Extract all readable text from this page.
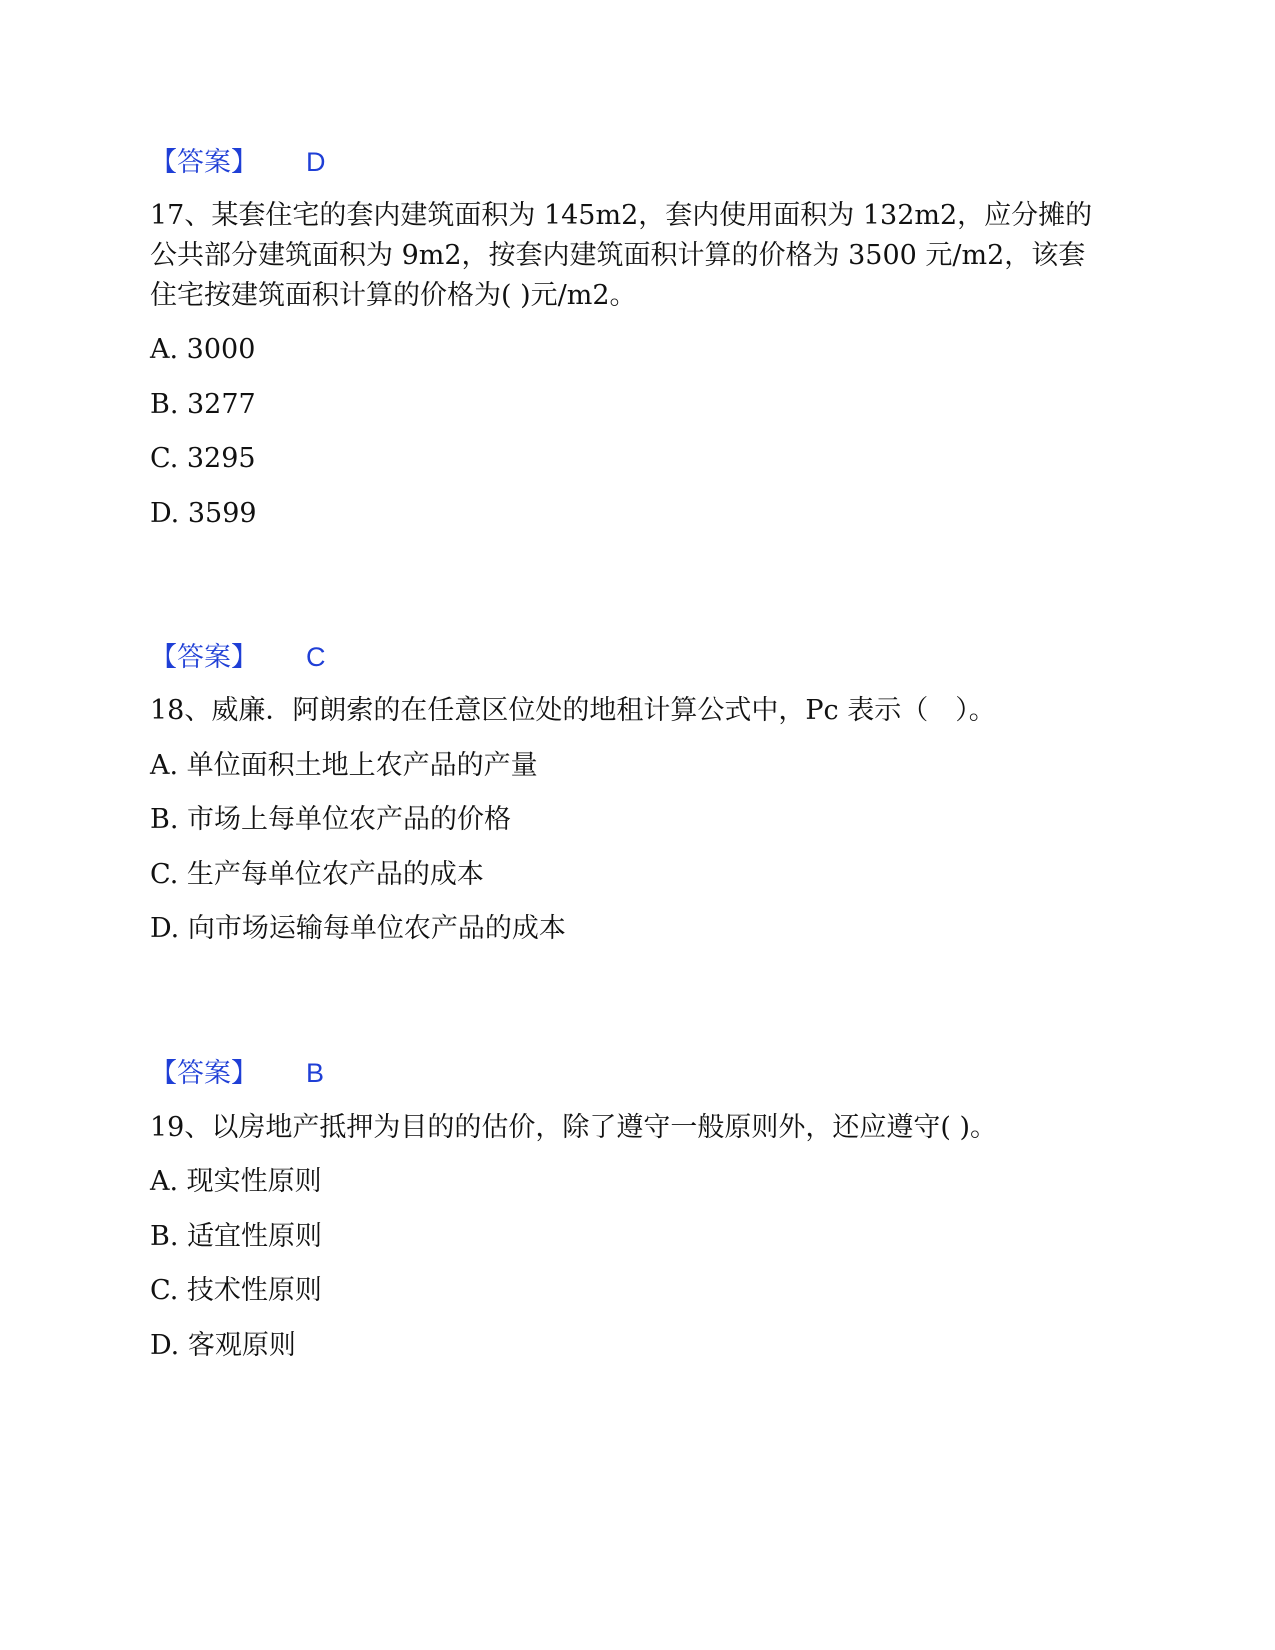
【答案】 D
17、某套住宅的套内建筑面积为 145m2，套内使用面积为 132m2，应分摊的
公共部分建筑面积为 9m2，按套内建筑面积计算的价格为 3500 元/m2，该套
住宅按建筑面积计算的价格为( )元/m2。
A. 3000
B. 3277
C. 3295
D. 3599
【答案】 C
18、威廉．阿朗索的在任意区位处的地租计算公式中，Pc 表示（　）。
A. 单位面积土地上农产品的产量
B. 市场上每单位农产品的价格
C. 生产每单位农产品的成本
D. 向市场运输每单位农产品的成本
【答案】 B
19、以房地产抵押为目的的估价，除了遵守一般原则外，还应遵守( )。
A. 现实性原则
B. 适宜性原则
C. 技术性原则
D. 客观原则
